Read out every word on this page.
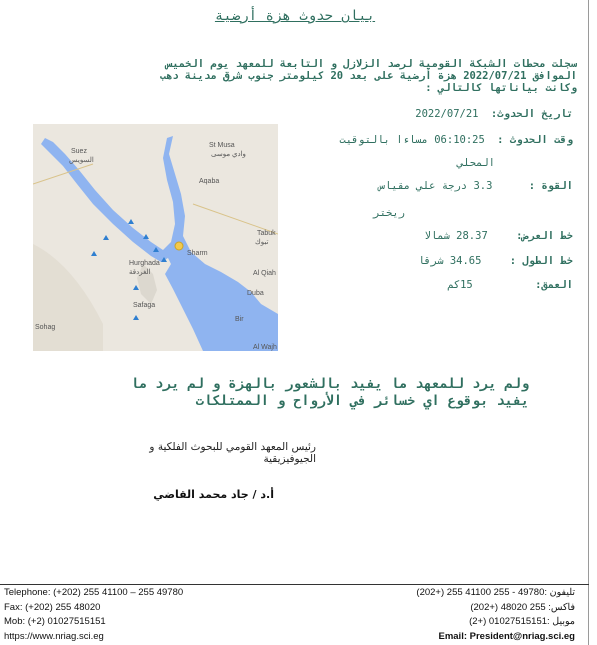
بيان حدوث هزة أرضية
سجلت محطات الشبكة القومية لرصد الزلازل و التابعة للمعهد يوم الخميس
الموافق 2022/07/21 هزة أرضية على بعد 20 كيلومتر جنوب شرق مدينة دهب
وكانت بياناتها كالتالي :
تاريخ الحدوث: 2022/07/21
وقت الحدوث : 06:10:25 مساءا بالتوقيت
المحلي
القوة : 3.3 درجة علي مقياس
ريختر
خط العرض: 28.37 شمالا
خط الطول : 34.65 شرقا
العمق: 15كم
Suez
السويس
St Musa
وادي موسى
Aqaba
Tabuk
تبوك
Sharm
Hurghada
الغردقة
Safaga
Sohag
Al Wajh
Duba
Al Qiah
Bir
ولم يرد للمعهد ما يفيد بالشعور بالهزة و لم يرد ما
يفيد بوقوع اي خسائر في الأرواح و الممتلكات
رئيس المعهد القومي للبحوث الفلكية و الجيوفيزيقية
أ.د / جاد محمد القاضي
Telephone: (+202) 255 41100 – 255 49780
Fax: (+202) 255 48020
Mob: (+2) 01027515151
https://www.nriag.sci.eg
تليفون :49780 - 255 41100 255 (+202)
فاكس: 255 48020 (+202)
موبيل :01027515151 (+2)
Email: President@nriag.sci.eg
